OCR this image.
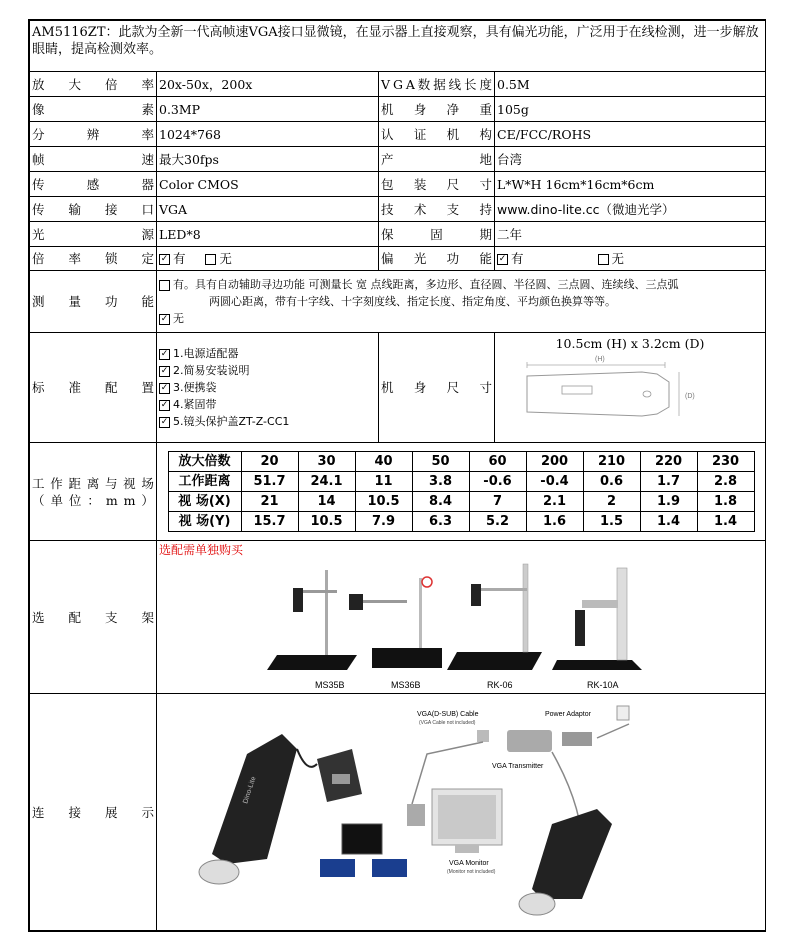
AM5116ZT：此款为全新一代高帧速VGA接口显微镜，在显示器上直接观察，具有偏光功能，广泛用于在线检测，进一步解放眼睛，提高检测效率。

放 大 倍 率	20x-50x，200x	V G A 数 据 线 长 度	0.5M

像	素	0.3MP	机 身 净 重	105g

分	辨	率	1024*768	认 证 机 构	CE/FCC/ROHS

帧	速	最大30fps	产	地	台湾

传	感	器	Color CMOS	包 装 尺 寸	L*W*H 16cm*16cm*6cm

传 输 接 口	VGA	技 术 支 持	www.dino-lite.cc（微迪光学）

光	源	LED*8	保	固	期	二年

倍 率 锁 定	✓ 有	无	偏 光 功 能	✓ 有	无

测 量 功 能

有。具有自动辅助寻边功能 可测量长 宽 点线距离，多边形、直径圆、半径圆、三点圆、连续线、三点弧
两圆心距离，带有十字线、十字刻度线、指定长度、指定角度、平均颜色换算等等。
✓ 无

标 准 配 置

✓ 1.电源适配器
✓ 2.简易安装说明
✓ 3.便携袋
✓ 4.紧固带
✓ 5.镜头保护盖ZT-Z-CC1

机 身 尺 寸

10.5cm (H) x 3.2cm (D)
(H)
(D)

工 作 距 离 与 视 场
（ 单 位 ： m m ）

放大倍数	20	30	40	50	60	200	210	220	230
工作距离	51.7	24.1	11	3.8	-0.6	-0.4	0.6	1.7	2.8
视 场(X)	21	14	10.5	8.4	7	2.1	2	1.9	1.8
视 场(Y)	15.7	10.5	7.9	6.3	5.2	1.6	1.5	1.4	1.4

选 配 支 架

选配需单独购买
MS35B	MS36B	RK-06	RK-10A

连 接 展 示

Dino-Lite
VGA(D-SUB) Cable
(VGA Cable not included)
Power Adaptor
VGA Transmitter
VGA Monitor
(Monitor not included)
